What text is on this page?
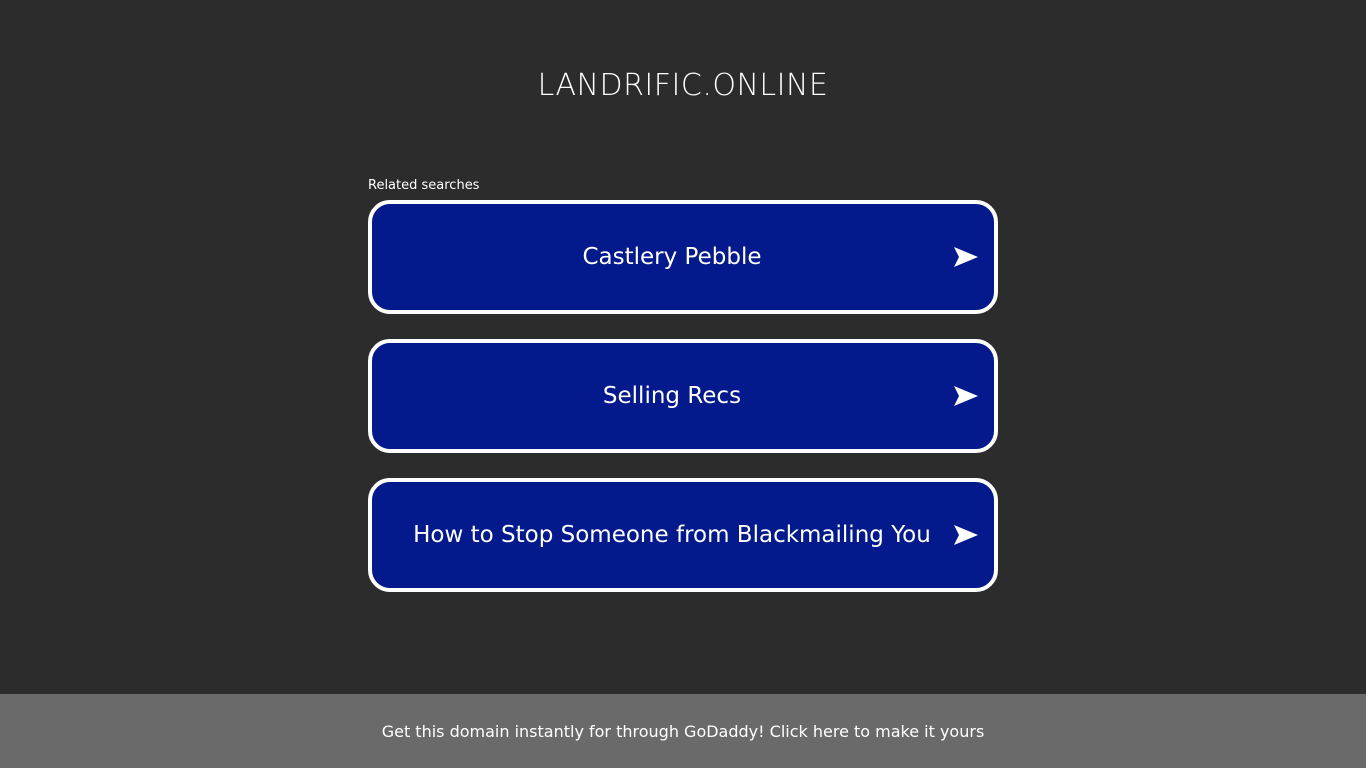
LANDRIFIC.ONLINE
Related searches
Castlery Pebble
Selling Recs
How to Stop Someone from Blackmailing You
Get this domain instantly for through GoDaddy! Click here to make it yours
